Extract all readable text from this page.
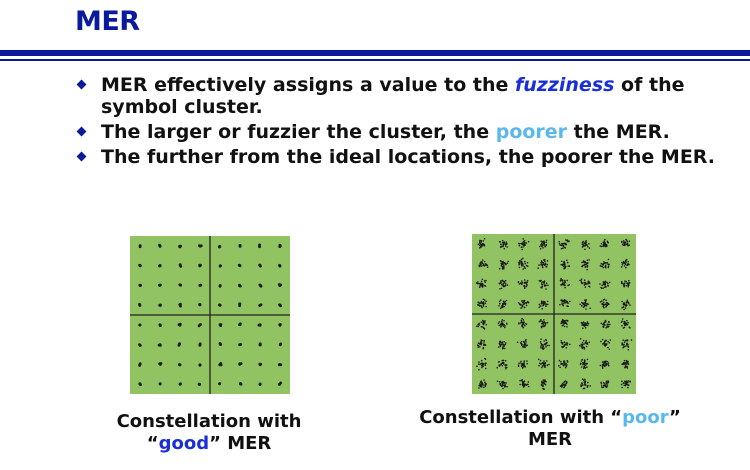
MER
MER effectively assigns a value to the fuzziness of the symbol cluster.
The larger or fuzzier the cluster, the poorer the MER.
The further from the ideal locations, the poorer the MER.
Constellation with
“good” MER
Constellation with “poor”
MER
